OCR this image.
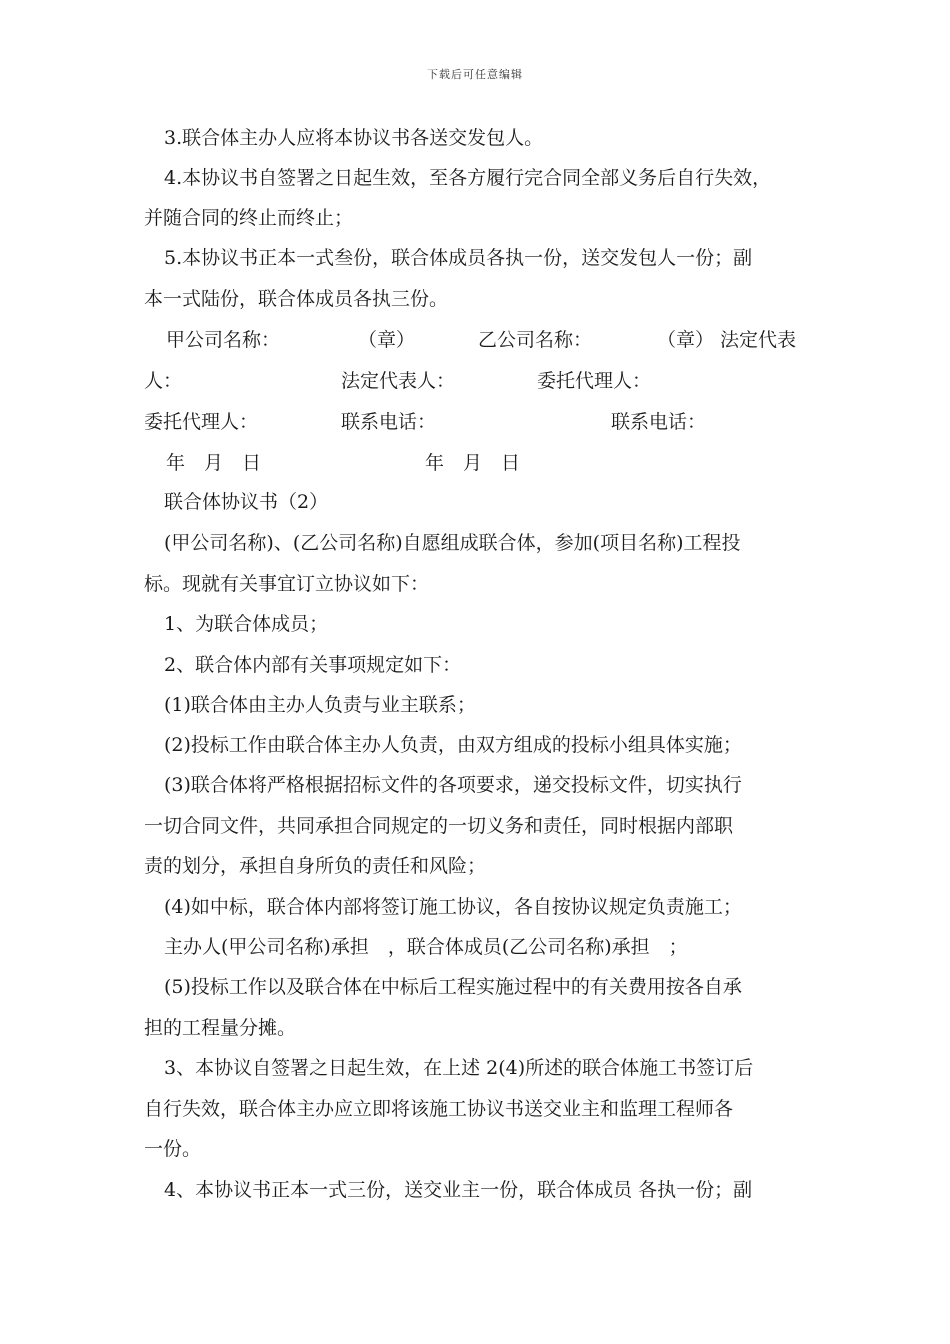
下载后可任意编辑
3.联合体主办人应将本协议书各送交发包人。
4.本协议书自签署之日起生效，至各方履行完合同全部义务后自行失效，
并随合同的终止而终止；
5.本协议书正本一式叁份，联合体成员各执一份，送交发包人一份；副
本一式陆份，联合体成员各执三份。
甲公司名称：	（章）	乙公司名称：	（章） 法定代表
人：	法定代表人：	委托代理人：
委托代理人：	联系电话：	联系电话：
年　月　日	年　月　日
联合体协议书（2）
(甲公司名称)、(乙公司名称)自愿组成联合体，参加(项目名称)工程投
标。现就有关事宜订立协议如下：
1、为联合体成员；
2、联合体内部有关事项规定如下：
(1)联合体由主办人负责与业主联系；
(2)投标工作由联合体主办人负责，由双方组成的投标小组具体实施；
(3)联合体将严格根据招标文件的各项要求，递交投标文件，切实执行
一切合同文件，共同承担合同规定的一切义务和责任，同时根据内部职
责的划分，承担自身所负的责任和风险；
(4)如中标，联合体内部将签订施工协议，各自按协议规定负责施工；
主办人(甲公司名称)承担　，联合体成员(乙公司名称)承担　；
(5)投标工作以及联合体在中标后工程实施过程中的有关费用按各自承
担的工程量分摊。
3、本协议自签署之日起生效，在上述 2(4)所述的联合体施工书签订后
自行失效，联合体主办应立即将该施工协议书送交业主和监理工程师各
一份。
4、本协议书正本一式三份，送交业主一份，联合体成员 各执一份；副
